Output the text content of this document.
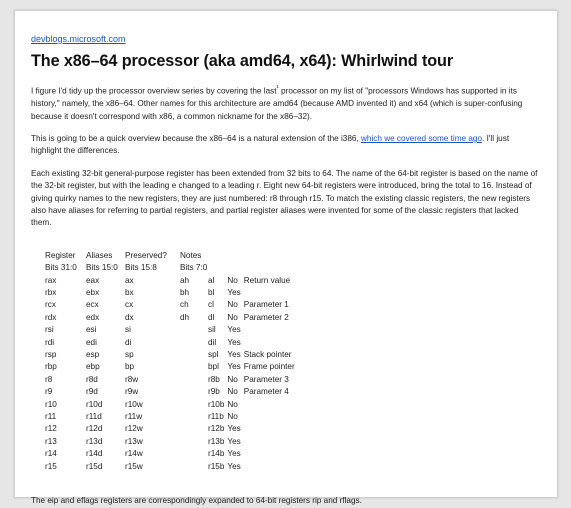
devblogs.microsoft.com
The x86–64 processor (aka amd64, x64): Whirlwind tour

I figure I'd tidy up the processor overview series by covering the last$^{^1}$ processor on my list of "processors Windows has supported in its history," namely, the x86–64. Other names for this architecture are amd64 (because AMD invented it) and x64 (which is super-confusing because it doesn't correspond with x86, a common nickname for the x86–32).

This is going to be a quick overview because the x86–64 is a natural extension of the i386, which we covered some time ago. I'll just highlight the differences.

Each existing 32-bit general-purpose register has been extended from 32 bits to 64. The name of the 64-bit register is based on the name of the 32-bit register, but with the leading e changed to a leading r. Eight new 64-bit registers were introduced, bring the total to 16. Instead of giving quirky names to the new registers, they are just numbered: r8 through r15. To match the existing classic registers, the new registers also have aliases for referring to partial registers, and partial register aliases were invented for some of the classic registers that lacked them.

Register	Aliases	Preserved?	Notes			
Bits 31:0	Bits 15:0	Bits 15:8	Bits 7:0			
rax	eax	ax	ah	al	No	Return value
rbx	ebx	bx	bh	bl	Yes	
rcx	ecx	cx	ch	cl	No	Parameter 1
rdx	edx	dx	dh	dl	No	Parameter 2
rsi	esi	si		sil	Yes	
rdi	edi	di		dil	Yes	
rsp	esp	sp		spl	Yes	Stack pointer
rbp	ebp	bp		bpl	Yes	Frame pointer
r8	r8d	r8w		r8b	No	Parameter 3
r9	r9d	r9w		r9b	No	Parameter 4
r10	r10d	r10w		r10b	No	
r11	r11d	r11w		r11b	No	
r12	r12d	r12w		r12b	Yes	
r13	r13d	r13w		r13b	Yes	
r14	r14d	r14w		r14b	Yes	
r15	r15d	r15w		r15b	Yes	

The eip and eflags registers are correspondingly expanded to 64-bit registers rip and rflags.
